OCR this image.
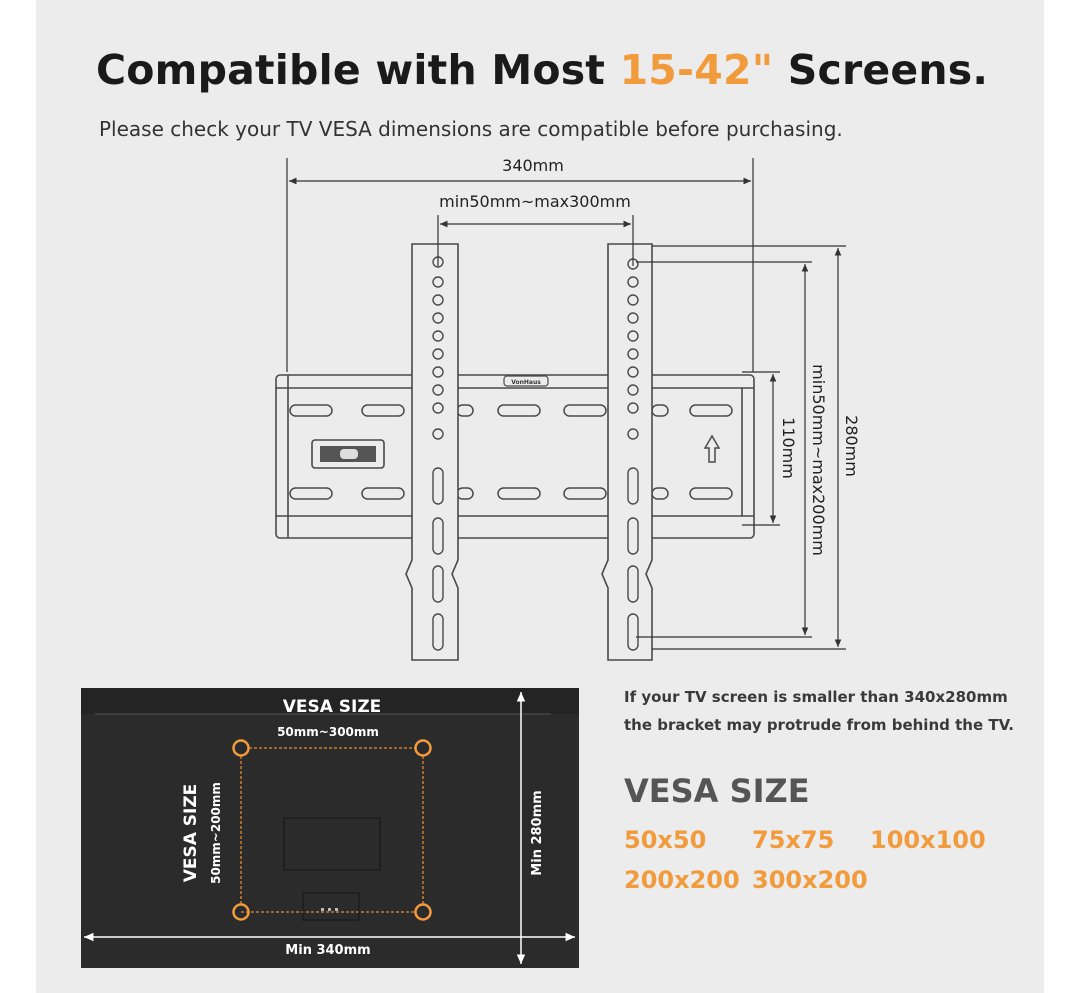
Compatible with Most 15-42" Screens.
Please check your TV VESA dimensions are compatible before purchasing.
340mm
min50mm~max300mm
VonHaus
110mm min50mm~max200mm 280mm
VESA SIZE
50mm~300mm
VESA SIZE 50mm~200mm	Min 280mm
Min 340mm
If your TV screen is smaller than 340x280mm
the bracket may protrude from behind the TV.
VESA SIZE
50x50 75x75 100x100
200x200 300x200
